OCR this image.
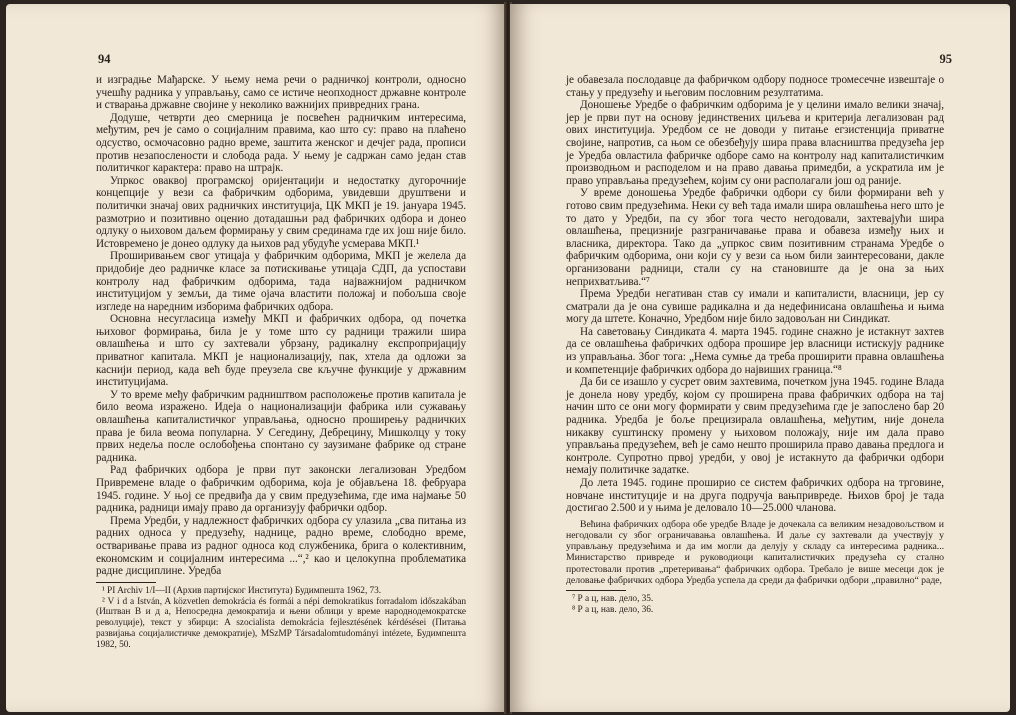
94

и изградње Мађарске. У њему нема речи о радничкој контроли, односно учешћу радника у управљању, само се истиче неопходност државне контроле и стварања државне својине у неколико важнијих привредних грана.

Додуше, четврти део смерница је посвећен радничким интересима, међутим, реч је само о социјалним правима, као што су: право на плаћено одсуство, осмочасовно радно време, заштита женског и дечјег рада, прописи против незапослености и слобода рада. У њему је садржан само један став политичког карактера: право на штрајк.

Упркос оваквој програмској оријентацији и недостатку дугорочније концепције у вези са фабричким одборима, увидевши друштвени и политички значај ових радничких институција, ЦК МКП је 19. јануара 1945. размотрио и позитивно оценио дотадашњи рад фабричких одбора и донео одлуку о њиховом даљем формирању у свим срединама где их још није било. Истовремено је донео одлуку да њихов рад убудуће усмерава МКП.¹

Проширивањем свог утицаја у фабричким одборима, МКП је желела да придобије део радничке класе за потискивање утицаја СДП, да успостави контролу над фабричким одборима, тада најважнијом радничком институцијом у земљи, да тиме ојача властити положај и побољша своје изгледе на наредним изборима фабричких одбора.

Основна несугласица између МКП и фабричких одбора, од почетка њиховог формирања, била је у томе што су радници тражили шира овлашћења и што су захтевали убрзану, радикалну експропријацију приватног капитала. МКП је национализацију, пак, хтела да одложи за каснији период, када већ буде преузела све кључне функције у државним институцијама.

У то време међу фабричким радништвом расположење против капитала је било веома изражено. Идеја о национализацији фабрика или сужавању овлашћења капиталистичког управљања, односно проширењу радничких права је била веома популарна. У Сегедину, Дебрецину, Мишколцу у току првих недеља после ослобођења спонтано су заузимане фабрике од стране радника.

Рад фабричких одбора је први пут законски легализован Уредбом Привремене владе о фабричким одборима, која је објављена 18. фебруара 1945. године. У њој се предвиђа да у свим предузећима, где има најмање 50 радника, радници имају право да организују фабрички одбор.

Према Уредби, у надлежност фабричких одбора су улазила „сва питања из радних односа у предузећу, наднице, радно време, слободно време, остваривање права из радног односа код службеника, брига о колективним, економским и социјалним интересима ...“,² као и целокупна проблематика радне дисциплине. Уредба

¹ PI Archiv 1/I—II (Архив партијског Института) Будимпешта 1962, 73.

² V i d a István, A közvetlen demokrácia és formái a népi demokratikus forradalom időszakában (Иштван В и д а, Непосредна демократија и њени облици у време народнодемократске револуције), текст у збирци: A szocialista demokrácia fejlesztésének kérdésései (Питања развијања социјалистичке демократије), MSzMP Társadalomtudományi intézete, Будимпешта 1982, 50.

95

је обавезала послодавце да фабричком одбору подносе тромесечне извештаје о стању у предузећу и његовим пословним резултатима.

Доношење Уредбе о фабричким одборима је у целини имало велики значај, јер је први пут на основу јединствених циљева и критерија легализован рад ових институција. Уредбом се не доводи у питање егзистенција приватне својине, напротив, са њом се обезбеђују шира права власништва предузећа јер је Уредба овластила фабричке одборе само на контролу над капиталистичким производњом и расподелом и на право давања примедби, а ускратила им је право управљања предузећем, којим су они располагали још од раније.

У време доношења Уредбе фабрички одбори су били формирани већ у готово свим предузећима. Неки су већ тада имали шира овлашћења него што је то дато у Уредби, па су због тога често негодовали, захтевајући шира овлашћења, прецизније разграничавање права и обавеза између њих и власника, директора. Тако да „упркос свим позитивним странама Уредбе о фабричким одборима, они који су у вези са њом били заинтересовани, дакле организовани радници, стали су на становиште да је она за њих неприхватљива.“⁷

Према Уредби негативан став су имали и капиталисти, власници, јер су сматрали да је она сувише радикална и да недефинисана овлашћења и њима могу да штете. Коначно, Уредбом није било задовољан ни Синдикат.

На саветовању Синдиката 4. марта 1945. године снажно је истакнут захтев да се овлашћења фабричких одбора прошире јер власници истискују раднике из управљања. Због тога: „Нема сумње да треба проширити правна овлашћења и компетенције фабричких одбора до највиших граница.“⁸

Да би се изашло у сусрет овим захтевима, почетком јуна 1945. године Влада је донела нову уредбу, којом су проширена права фабричких одбора на тај начин што се они могу формирати у свим предузећима где је запослено бар 20 радника. Уредба је боље прецизирала овлашћења, међутим, није донела никакву суштинску промену у њиховом положају, није им дала право управљања предузећем, већ је само нешто проширила право давања предлога и контроле. Супротно првој уредби, у овој је истакнуто да фабрички одбори немају политичке задатке.

До лета 1945. године проширио се систем фабричких одбора на трговине, новчане институције и на друга подручја вањпривреде. Њихов број је тада достигао 2.500 и у њима је деловало 10—25.000 чланова.

Већина фабричких одбора обе уредбе Владе је дочекала са великим незадовољством и негодовали су због ограничавања овлашћења. И даље су захтевали да учествују у управљању предузећима и да им могли да делују у складу са интересима радника... Министарство привреде и руководиоци капиталистичких предузећа су стално протестовали против „претеривања“ фабричких одбора. Требало је више месеци док је деловање фабричких одбора Уредба успела да среди да фабрички одбори „правилно“ раде,

⁷ Р а ц, нав. дело, 35.

⁸ Р а ц, нав. дело, 36.
